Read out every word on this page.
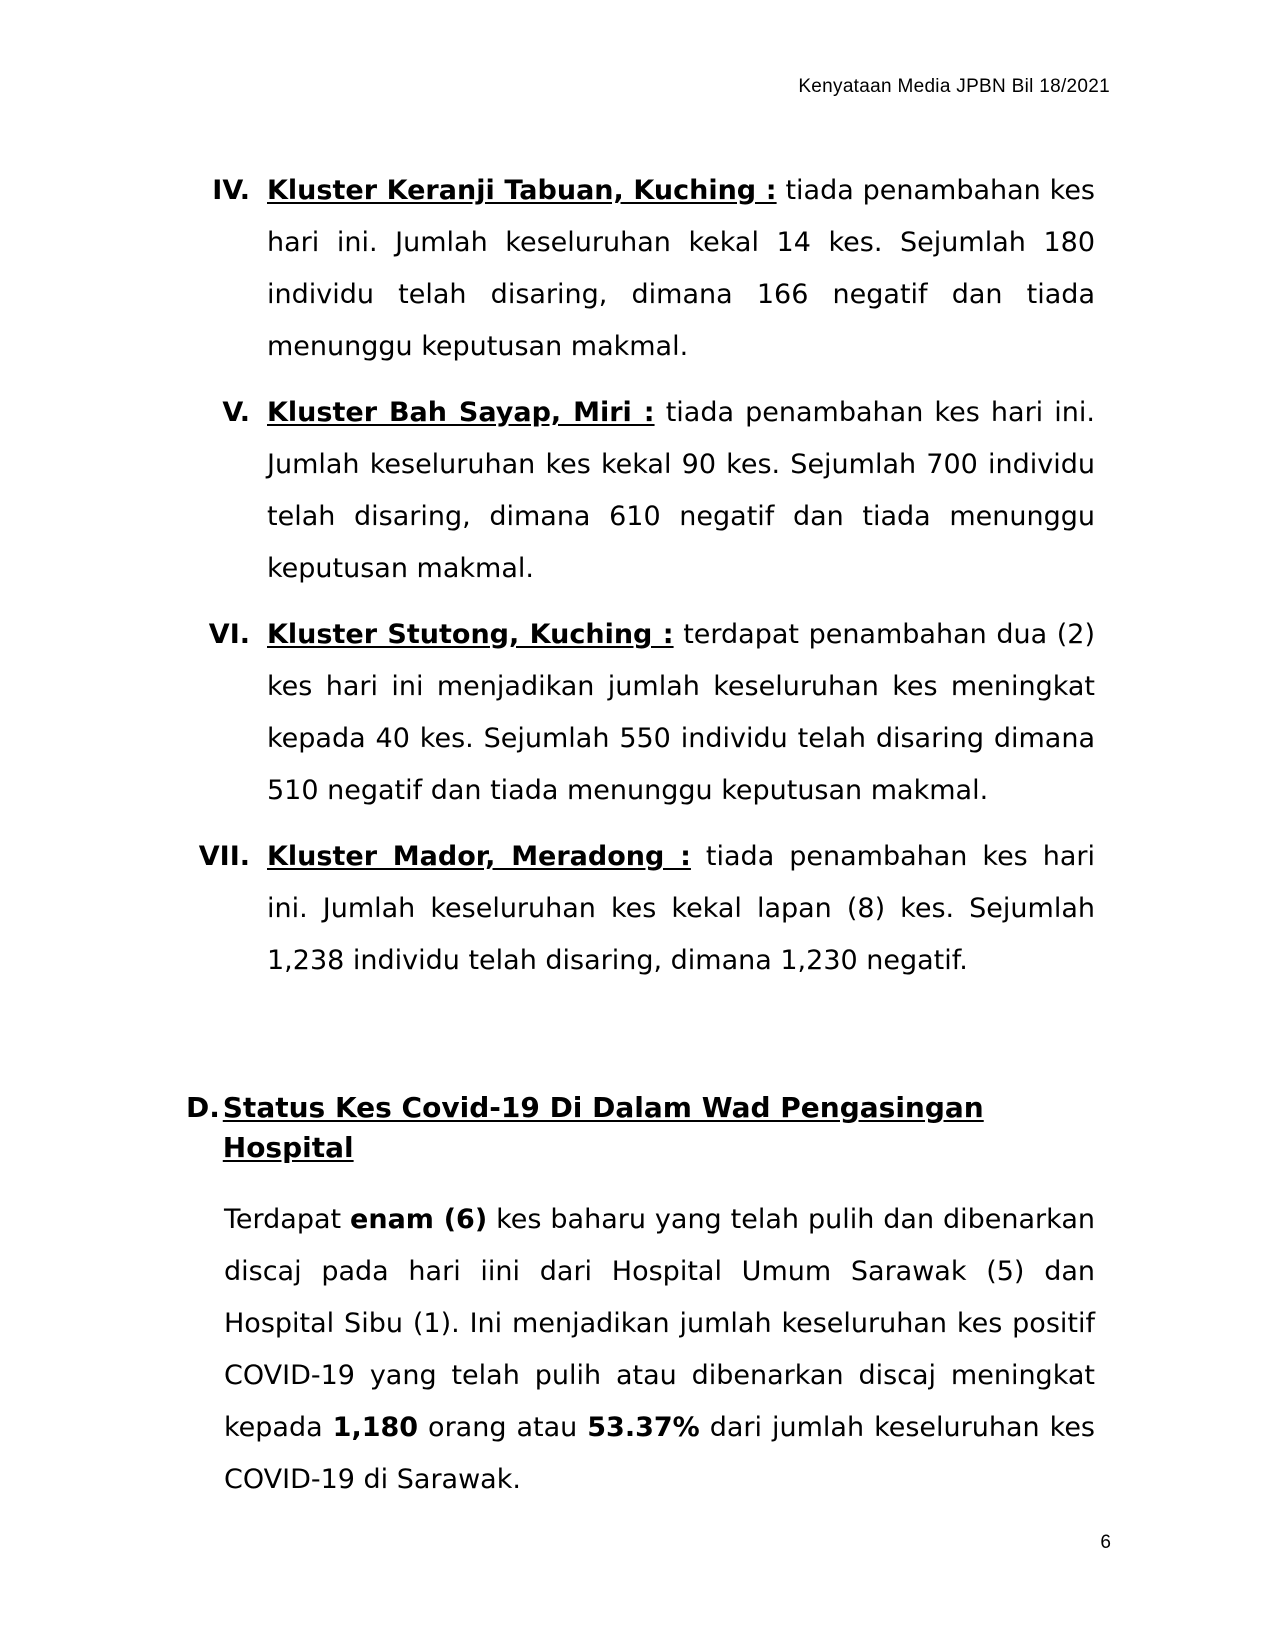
Kenyataan Media JPBN Bil 18/2021
IV. Kluster Keranji Tabuan, Kuching : tiada penambahan kes hari ini. Jumlah keseluruhan kekal 14 kes. Sejumlah 180 individu telah disaring, dimana 166 negatif dan tiada menunggu keputusan makmal.
V. Kluster Bah Sayap, Miri : tiada penambahan kes hari ini. Jumlah keseluruhan kes kekal 90 kes. Sejumlah 700 individu telah disaring, dimana 610 negatif dan tiada menunggu keputusan makmal.
VI. Kluster Stutong, Kuching : terdapat penambahan dua (2) kes hari ini menjadikan jumlah keseluruhan kes meningkat kepada 40 kes. Sejumlah 550 individu telah disaring dimana 510 negatif dan tiada menunggu keputusan makmal.
VII. Kluster Mador, Meradong : tiada penambahan kes hari ini. Jumlah keseluruhan kes kekal lapan (8) kes. Sejumlah 1,238 individu telah disaring, dimana 1,230 negatif.
D. Status Kes Covid-19 Di Dalam Wad Pengasingan Hospital
Terdapat enam (6) kes baharu yang telah pulih dan dibenarkan discaj pada hari iini dari Hospital Umum Sarawak (5) dan Hospital Sibu (1). Ini menjadikan jumlah keseluruhan kes positif COVID-19 yang telah pulih atau dibenarkan discaj meningkat kepada 1,180 orang atau 53.37% dari jumlah keseluruhan kes COVID-19 di Sarawak.
6
